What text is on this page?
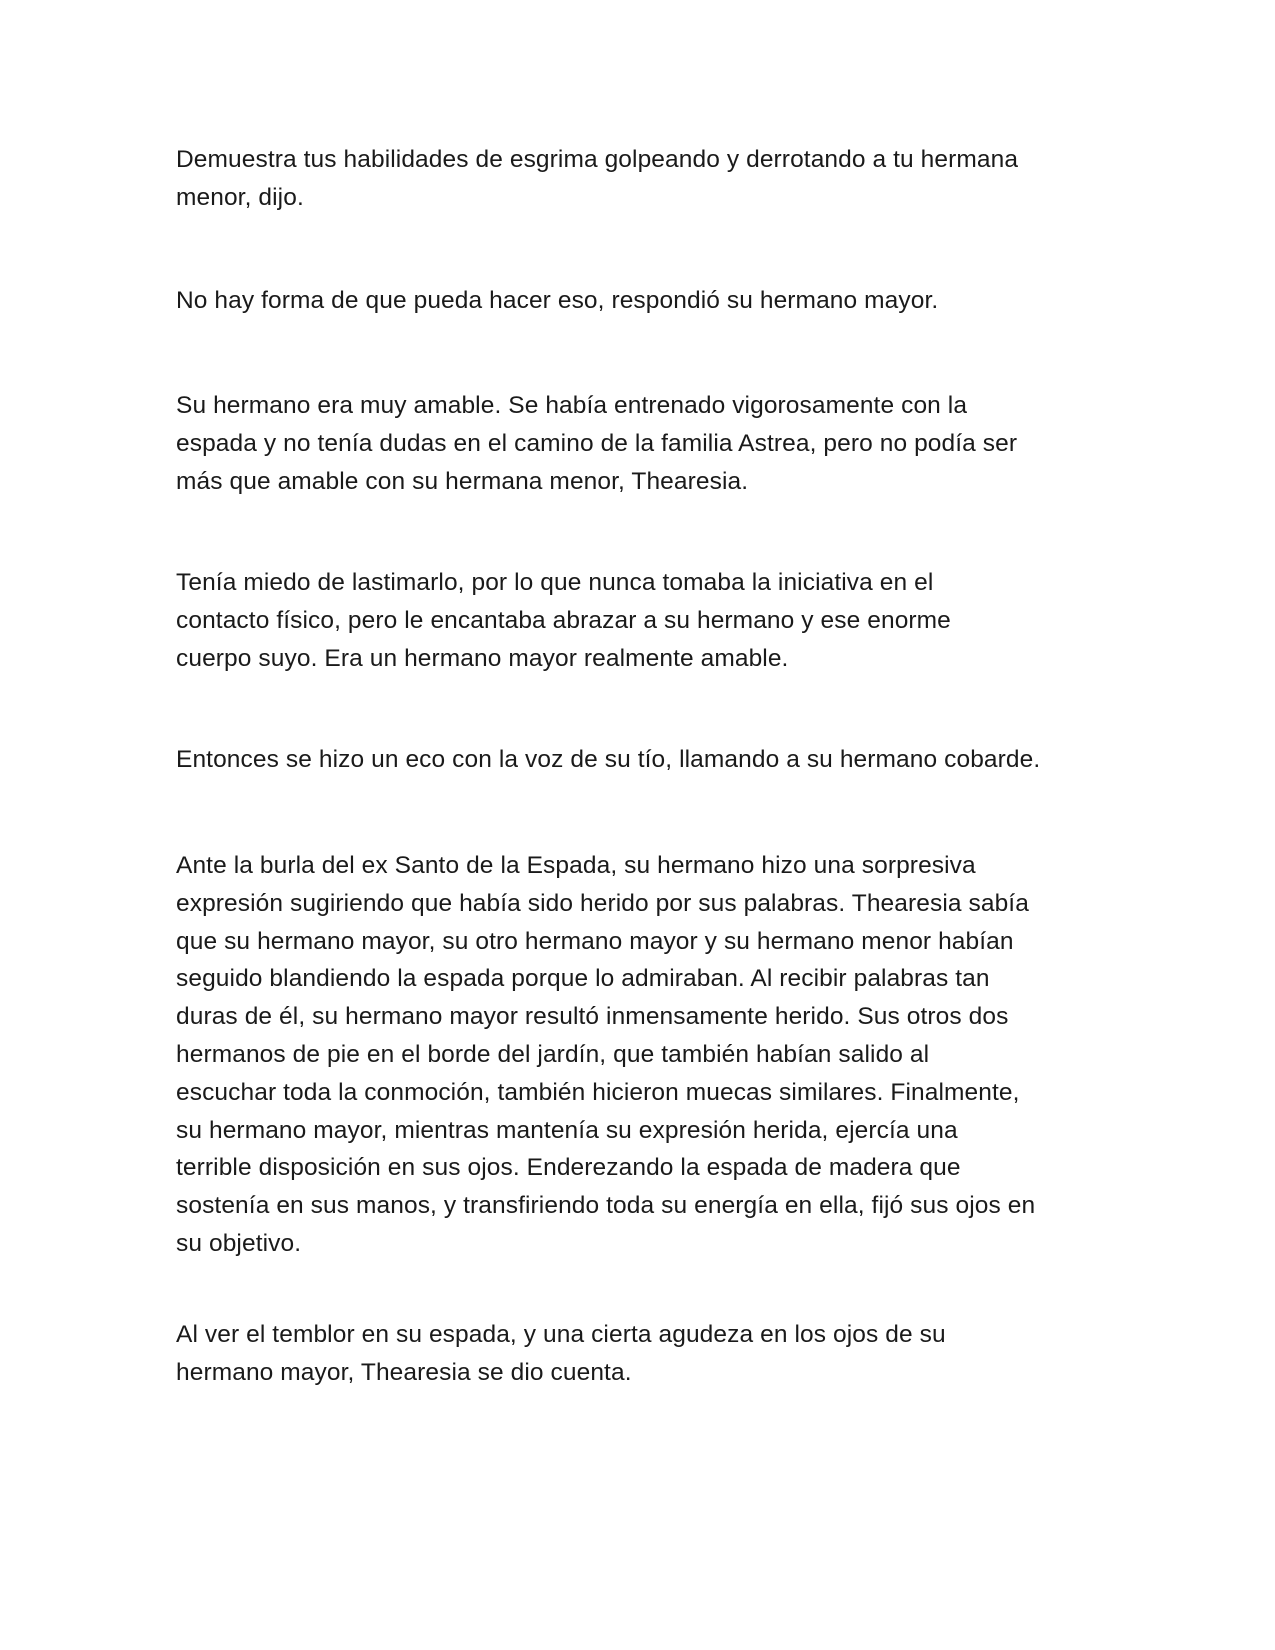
Demuestra tus habilidades de esgrima golpeando y derrotando a tu hermana
menor, dijo.

No hay forma de que pueda hacer eso, respondió su hermano mayor.

Su hermano era muy amable. Se había entrenado vigorosamente con la
espada y no tenía dudas en el camino de la familia Astrea, pero no podía ser
más que amable con su hermana menor, Thearesia.

Tenía miedo de lastimarlo, por lo que nunca tomaba la iniciativa en el
contacto físico, pero le encantaba abrazar a su hermano y ese enorme
cuerpo suyo. Era un hermano mayor realmente amable.

Entonces se hizo un eco con la voz de su tío, llamando a su hermano cobarde.

Ante la burla del ex Santo de la Espada, su hermano hizo una sorpresiva
expresión sugiriendo que había sido herido por sus palabras. Thearesia sabía
que su hermano mayor, su otro hermano mayor y su hermano menor habían
seguido blandiendo la espada porque lo admiraban. Al recibir palabras tan
duras de él, su hermano mayor resultó inmensamente herido. Sus otros dos
hermanos de pie en el borde del jardín, que también habían salido al
escuchar toda la conmoción, también hicieron muecas similares. Finalmente,
su hermano mayor, mientras mantenía su expresión herida, ejercía una
terrible disposición en sus ojos. Enderezando la espada de madera que
sostenía en sus manos, y transfiriendo toda su energía en ella, fijó sus ojos en
su objetivo.

Al ver el temblor en su espada, y una cierta agudeza en los ojos de su
hermano mayor, Thearesia se dio cuenta.
